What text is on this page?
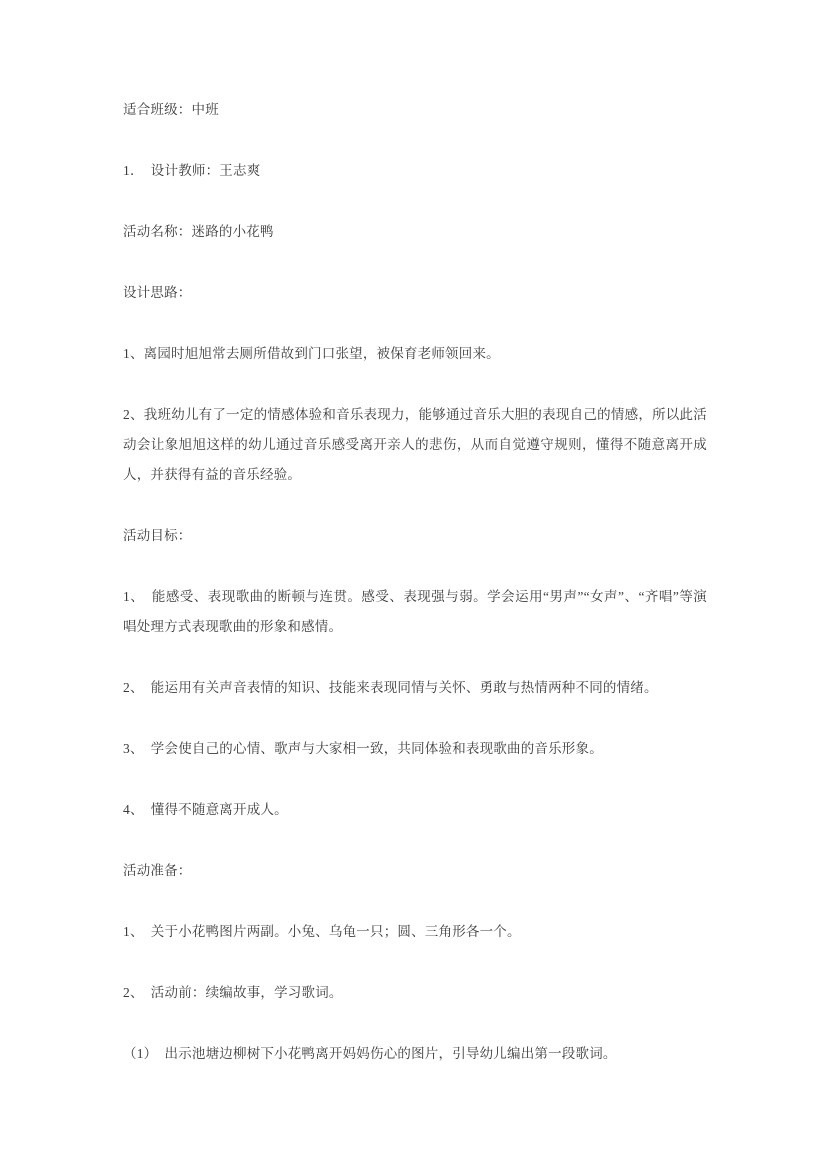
适合班级：中班

1．  设计教师：王志爽

活动名称：迷路的小花鸭

设计思路：

1、离园时旭旭常去厕所借故到门口张望，被保育老师领回来。

2、我班幼儿有了一定的情感体验和音乐表现力，能够通过音乐大胆的表现自己的情感，所以此活动会让象旭旭这样的幼儿通过音乐感受离开亲人的悲伤，从而自觉遵守规则，懂得不随意离开成人，并获得有益的音乐经验。

活动目标：

1、  能感受、表现歌曲的断顿与连贯。感受、表现强与弱。学会运用“男声”“女声”、“齐唱”等演唱处理方式表现歌曲的形象和感情。

2、  能运用有关声音表情的知识、技能来表现同情与关怀、勇敢与热情两种不同的情绪。

3、  学会使自己的心情、歌声与大家相一致，共同体验和表现歌曲的音乐形象。

4、  懂得不随意离开成人。

活动准备：

1、  关于小花鸭图片两副。小兔、乌龟一只；圆、三角形各一个。

2、  活动前：续编故事，学习歌词。

（1）  出示池塘边柳树下小花鸭离开妈妈伤心的图片，引导幼儿编出第一段歌词。
